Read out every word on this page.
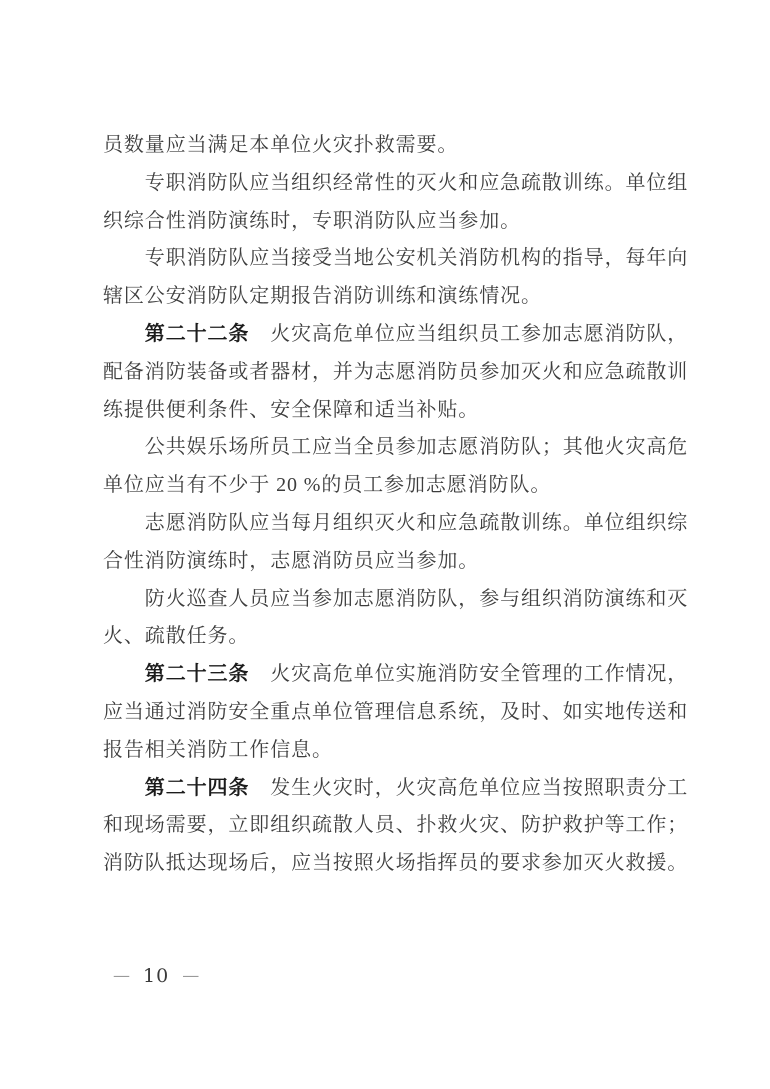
员数量应当满足本单位火灾扑救需要。
专职消防队应当组织经常性的灭火和应急疏散训练。单位组
织综合性消防演练时，专职消防队应当参加。
专职消防队应当接受当地公安机关消防机构的指导，每年向
辖区公安消防队定期报告消防训练和演练情况。
第二十二条　火灾高危单位应当组织员工参加志愿消防队，
配备消防装备或者器材，并为志愿消防员参加灭火和应急疏散训
练提供便利条件、安全保障和适当补贴。
公共娱乐场所员工应当全员参加志愿消防队；其他火灾高危
单位应当有不少于 20 %的员工参加志愿消防队。
志愿消防队应当每月组织灭火和应急疏散训练。单位组织综
合性消防演练时，志愿消防员应当参加。
防火巡查人员应当参加志愿消防队，参与组织消防演练和灭
火、疏散任务。
第二十三条　火灾高危单位实施消防安全管理的工作情况，
应当通过消防安全重点单位管理信息系统，及时、如实地传送和
报告相关消防工作信息。
第二十四条　发生火灾时，火灾高危单位应当按照职责分工
和现场需要，立即组织疏散人员、扑救火灾、防护救护等工作；
消防队抵达现场后，应当按照火场指挥员的要求参加灭火救援。
— 10 —
